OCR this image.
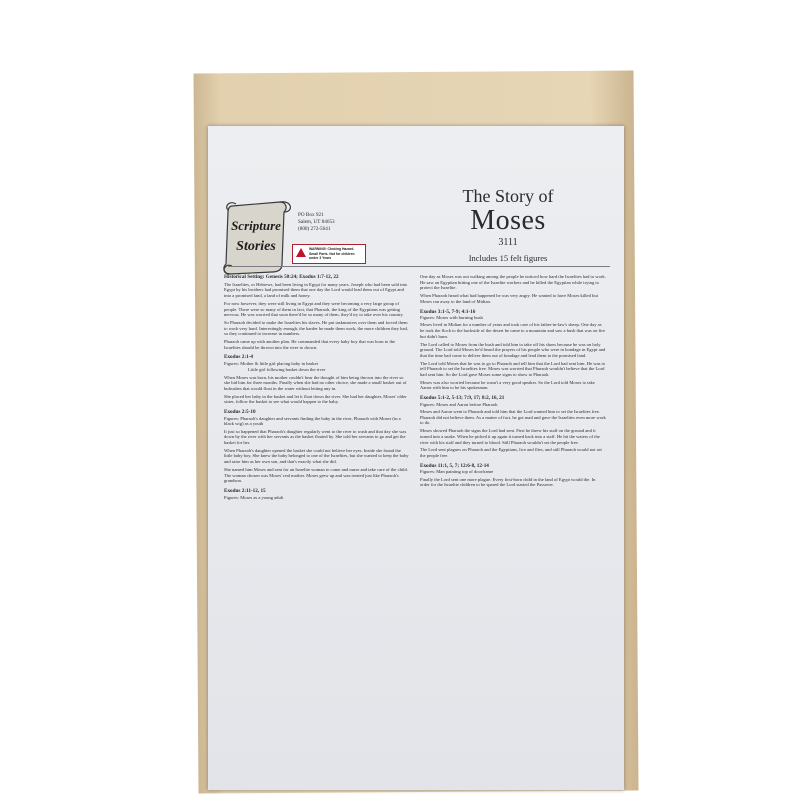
Scripture
Stories
PO Box 921
Salem, UT 84653
(800) 272-5641
WARNING! Choking Hazard. Small Parts. Not for children under 3 Years
The Story of
Moses
3111
Includes 15 felt figures
Historical Setting: Genesis 50:24; Exodus 1:7-12, 22

The Israelites, or Hebrews, had been living in Egypt for many years. Joseph who had been sold into Egypt by his brothers had promised them that one day the Lord would lead them out of Egypt and into a promised land, a land of milk and honey.

For now however, they were still living in Egypt and they were becoming a very large group of people. There were so many of them in fact, that Pharaoh, the king of the Egyptians was getting nervous. He was worried that soon there'd be so many of them, they'd try to take over his country.

So Pharaoh decided to make the Israelites his slaves. He put taskmasters over them and forced them to work very hard. Interestingly enough, the harder he made them work, the more children they had, so they continued to increase in numbers.

Pharaoh came up with another plan. He commanded that every baby boy that was born to the Israelites should be thrown into the river to drown.

Exodus 2:1-4
Figures: Mother & little girl placing baby in basket
Little girl following basket down the river

When Moses was born, his mother couldn't bear the thought of him being thrown into the river so she hid him for three months. Finally when she had no other choice, she made a small basket out of bulrushes that would float in the water without letting any in.

She placed her baby in the basket and let it float down the river. She had her daughter, Moses' older sister, follow the basket to see what would happen to the baby.

Exodus 2:5-10
Figures: Pharaoh's daughter and servants finding the baby in the river, Pharaoh with Moses (in a black wig) as a youth

It just so happened that Pharaoh's daughter regularly went to the river to wash and that day she was down by the river with her servants as the basket floated by. She told her servants to go and get the basket for her.

When Pharaoh's daughter opened the basket she could not believe her eyes. Inside she found the little baby boy. She knew the baby belonged to one of the Israelites, but she wanted to keep the baby and raise him as her own son, and that's exactly what she did.

She named him Moses and sent for an Israelite woman to come and nurse and take care of the child. The woman chosen was Moses' real mother. Moses grew up and was treated just like Pharaoh's grandson.

Exodus 2:11-12, 15
Figures: Moses as a young adult

One day as Moses was out walking among the people he noticed how hard the Israelites had to work. He saw an Egyptian hitting one of the Israelite workers and he killed the Egyptian while trying to protect the Israelite.

When Pharaoh heard what had happened he was very angry. He wanted to have Moses killed but Moses ran away to the land of Midian.

Exodus 3:1-5, 7-9; 4:1-16
Figures: Moses with burning bush

Moses lived in Midian for a number of years and took care of his father-in-law's sheep. One day as he took the flock to the backside of the desert he came to a mountain and saw a bush that was on fire but didn't burn.

The Lord called to Moses from the bush and told him to take off his shoes because he was on holy ground. The Lord told Moses he'd heard the prayers of his people who were in bondage in Egypt and that the time had come to deliver them out of bondage and lead them to the promised land.

The Lord told Moses that he was to go to Pharaoh and tell him that the Lord had sent him. He was to tell Pharaoh to set the Israelites free. Moses was worried that Pharaoh wouldn't believe that the Lord had sent him. So the Lord gave Moses some signs to show to Pharaoh.

Moses was also worried because he wasn't a very good speaker. So the Lord told Moses to take Aaron with him to be his spokesman.

Exodus 5:1-2, 5-13; 7:9, 17; 8:2, 16, 21
Figures: Moses and Aaron before Pharaoh

Moses and Aaron went to Pharaoh and told him that the Lord wanted him to set the Israelites free. Pharaoh did not believe them. As a matter of fact, he got mad and gave the Israelites even more work to do.

Moses showed Pharaoh the signs the Lord had sent. First he threw his staff on the ground and it turned into a snake. When he picked it up again it turned back into a staff. He hit the waters of the river with his staff and they turned to blood. Still Pharaoh wouldn't set the people free.

The Lord sent plagues on Pharaoh and the Egyptians, lice and flies, and still Pharaoh would not set the people free.

Exodus 11:1, 5, 7; 12:6-8, 12-14
Figures: Man painting top of doorframe

Finally the Lord sent one more plague. Every first-born child in the land of Egypt would die. In order for the Israelite children to be spared the Lord started the Passover.
